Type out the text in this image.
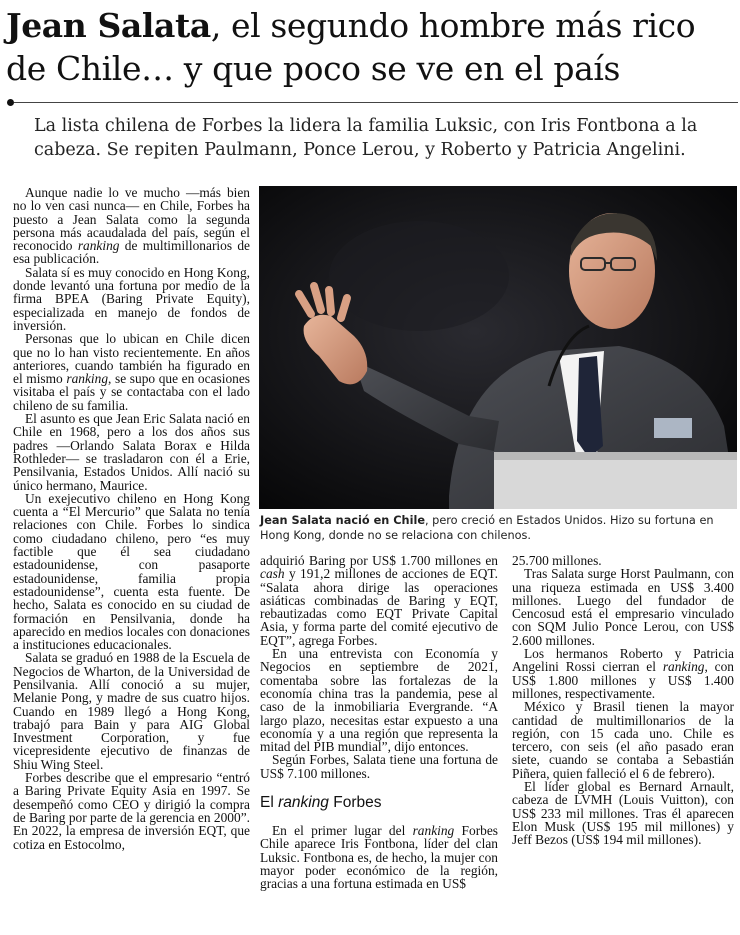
Jean Salata, el segundo hombre más rico de Chile… y que poco se ve en el país
La lista chilena de Forbes la lidera la familia Luksic, con Iris Fontbona a la cabeza. Se repiten Paulmann, Ponce Lerou, y Roberto y Patricia Angelini.

Aunque nadie lo ve mucho —más bien no lo ven casi nunca— en Chile, Forbes ha puesto a Jean Salata como la segunda persona más acaudalada del país, según el reconocido ranking de multimillonarios de esa publicación.

Salata sí es muy conocido en Hong Kong, donde levantó una fortuna por medio de la firma BPEA (Baring Private Equity), especializada en manejo de fondos de inversión.

Personas que lo ubican en Chile dicen que no lo han visto recientemente. En años anteriores, cuando también ha figurado en el mismo ranking, se supo que en ocasiones visitaba el país y se contactaba con el lado chileno de su familia.

El asunto es que Jean Eric Salata nació en Chile en 1968, pero a los dos años sus padres —Orlando Salata Borax e Hilda Rothleder— se trasladaron con él a Erie, Pensilvania, Estados Unidos. Allí nació su único hermano, Maurice.

Un exejecutivo chileno en Hong Kong cuenta a “El Mercurio” que Salata no tenía relaciones con Chile. Forbes lo sindica como ciudadano chileno, pero “es muy factible que él sea ciudadano estadounidense, con pasaporte estadounidense, familia propia estadounidense”, cuenta esta fuente. De hecho, Salata es conocido en su ciudad de formación en Pensilvania, donde ha aparecido en medios locales con donaciones a instituciones educacionales.

Salata se graduó en 1988 de la Escuela de Negocios de Wharton, de la Universidad de Pensilvania. Allí conoció a su mujer, Melanie Pong, y madre de sus cuatro hijos. Cuando en 1989 llegó a Hong Kong, trabajó para Bain y para AIG Global Investment Corporation, y fue vicepresidente ejecutivo de finanzas de Shiu Wing Steel.

Forbes describe que el empresario “entró a Baring Private Equity Asia en 1997. Se desempeñó como CEO y dirigió la compra de Baring por parte de la gerencia en 2000”. En 2022, la empresa de inversión EQT, que cotiza en Estocolmo,

Jean Salata nació en Chile, pero creció en Estados Unidos. Hizo su fortuna en Hong Kong, donde no se relaciona con chilenos.

adquirió Baring por US$ 1.700 millones en cash y 191,2 millones de acciones de EQT. “Salata ahora dirige las operaciones asiáticas combinadas de Baring y EQT, rebautizadas como EQT Private Capital Asia, y forma parte del comité ejecutivo de EQT”, agrega Forbes.

En una entrevista con Economía y Negocios en septiembre de 2021, comentaba sobre las fortalezas de la economía china tras la pandemia, pese al caso de la inmobiliaria Evergrande. “A largo plazo, necesitas estar expuesto a una economía y a una región que representa la mitad del PIB mundial”, dijo entonces.

Según Forbes, Salata tiene una fortuna de US$ 7.100 millones.

El ranking Forbes

En el primer lugar del ranking Forbes Chile aparece Iris Fontbona, líder del clan Luksic. Fontbona es, de hecho, la mujer con mayor poder económico de la región, gracias a una fortuna estimada en US$

25.700 millones.

Tras Salata surge Horst Paulmann, con una riqueza estimada en US$ 3.400 millones. Luego del fundador de Cencosud está el empresario vinculado con SQM Julio Ponce Lerou, con US$ 2.600 millones.

Los hermanos Roberto y Patricia Angelini Rossi cierran el ranking, con US$ 1.800 millones y US$ 1.400 millones, respectivamente.

México y Brasil tienen la mayor cantidad de multimillonarios de la región, con 15 cada uno. Chile es tercero, con seis (el año pasado eran siete, cuando se contaba a Sebastián Piñera, quien falleció el 6 de febrero).

El líder global es Bernard Arnault, cabeza de LVMH (Louis Vuitton), con US$ 233 mil millones. Tras él aparecen Elon Musk (US$ 195 mil millones) y Jeff Bezos (US$ 194 mil millones).
